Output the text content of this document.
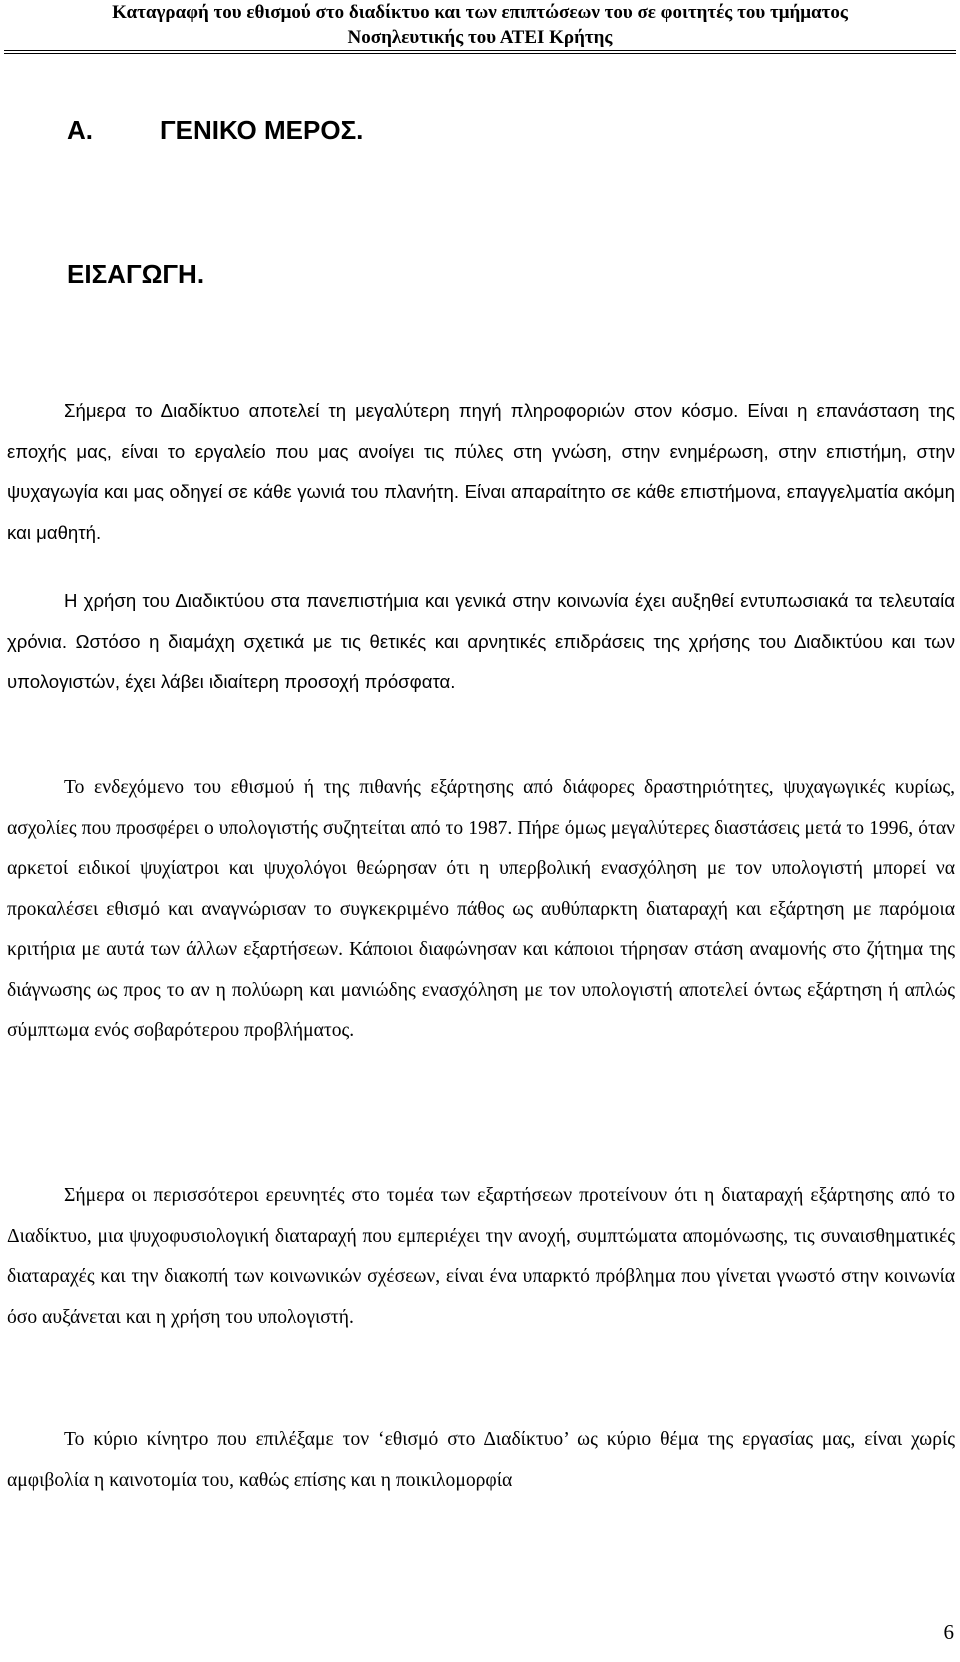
Καταγραφή του εθισμού στο διαδίκτυο και των επιπτώσεων του σε φοιτητές του τμήματος
Νοσηλευτικής του ΑΤΕΙ Κρήτης
Α.	ΓΕΝΙΚΟ ΜΕΡΟΣ.
ΕΙΣΑΓΩΓΗ.

Σήμερα το Διαδίκτυο αποτελεί τη μεγαλύτερη πηγή πληροφοριών στον κόσμο. Είναι η επανάσταση της εποχής μας, είναι το εργαλείο που μας ανοίγει τις πύλες στη γνώση, στην ενημέρωση, στην επιστήμη, στην ψυχαγωγία και μας οδηγεί σε κάθε γωνιά του πλανήτη. Είναι απαραίτητο σε κάθε επιστήμονα, επαγγελματία ακόμη και μαθητή.

Η χρήση του Διαδικτύου στα πανεπιστήμια και γενικά στην κοινωνία έχει αυξηθεί εντυπωσιακά τα τελευταία χρόνια. Ωστόσο η διαμάχη σχετικά με τις θετικές και αρνητικές επιδράσεις της χρήσης του Διαδικτύου και των υπολογιστών, έχει λάβει ιδιαίτερη προσοχή πρόσφατα.

Το ενδεχόμενο του εθισμού ή της πιθανής εξάρτησης από διάφορες δραστηριότητες, ψυχαγωγικές κυρίως, ασχολίες που προσφέρει ο υπολογιστής συζητείται από το 1987. Πήρε όμως μεγαλύτερες διαστάσεις μετά το 1996, όταν αρκετοί ειδικοί ψυχίατροι και ψυχολόγοι θεώρησαν ότι η υπερβολική ενασχόληση με τον υπολογιστή μπορεί να προκαλέσει εθισμό και αναγνώρισαν το συγκεκριμένο πάθος ως αυθύπαρκτη διαταραχή και εξάρτηση με παρόμοια κριτήρια με αυτά των άλλων εξαρτήσεων. Κάποιοι διαφώνησαν και κάποιοι τήρησαν στάση αναμονής στο ζήτημα της διάγνωσης ως προς το αν η πολύωρη και μανιώδης ενασχόληση με τον υπολογιστή αποτελεί όντως εξάρτηση ή απλώς σύμπτωμα ενός σοβαρότερου προβλήματος.

Σήμερα οι περισσότεροι ερευνητές στο τομέα των εξαρτήσεων προτείνουν ότι η διαταραχή εξάρτησης από το Διαδίκτυο, μια ψυχοφυσιολογική διαταραχή που εμπεριέχει την ανοχή, συμπτώματα απομόνωσης, τις συναισθηματικές διαταραχές και την διακοπή των κοινωνικών σχέσεων, είναι ένα υπαρκτό πρόβλημα που γίνεται γνωστό στην κοινωνία όσο αυξάνεται και η χρήση του υπολογιστή.

Το κύριο κίνητρο που επιλέξαμε τον ‘εθισμό στο Διαδίκτυο’ ως κύριο θέμα της εργασίας μας, είναι χωρίς αμφιβολία η καινοτομία του, καθώς επίσης και η ποικιλομορφία

6
